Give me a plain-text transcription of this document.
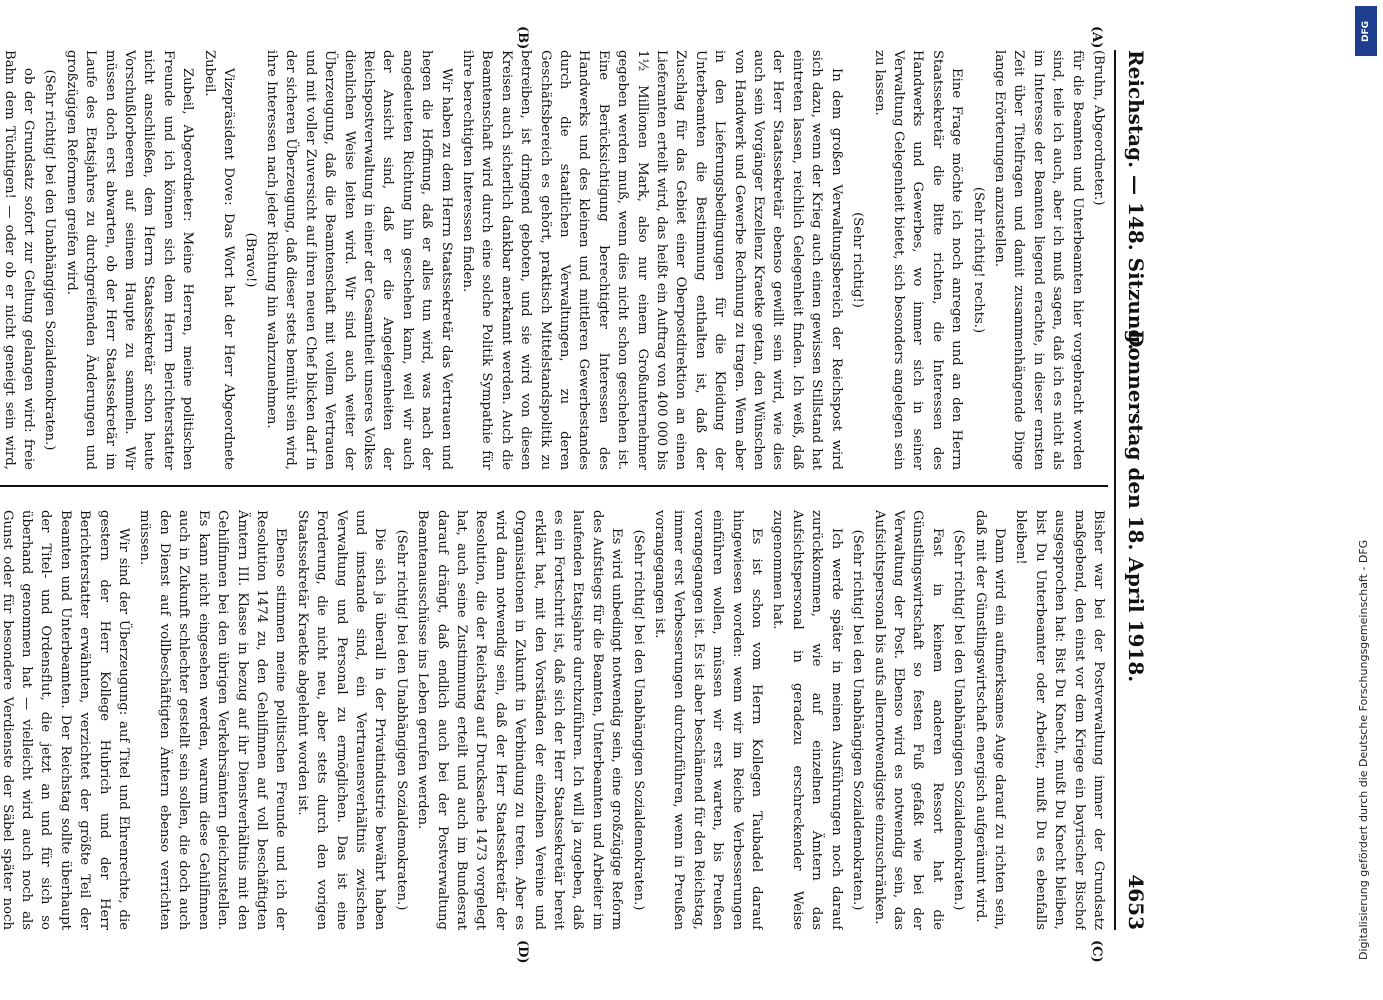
Reichstag. — 148. Sitzung.
Donnerstag den 18. April 1918.
4653

(Bruhn, Abgeordneter.)

für die Beamten und Unterbeamten hier vorgebracht worden sind, teile ich auch, aber ich muß sagen, daß ich es nicht als im Interesse der Beamten liegend erachte, in dieser ernsten Zeit über Titelfragen und damit zusammenhängende Dinge lange Erörterungen anzustellen.

(Sehr richtig! rechts.)

Eine Frage möchte ich noch anregen und an den Herrn Staatssekretär die Bitte richten, die Interessen des Handwerks und Gewerbes, wo immer sich in seiner Verwaltung Gelegenheit bietet, sich besonders angelegen sein zu lassen.

(Sehr richtig!)

In dem großen Verwaltungsbereich der Reichspost wird sich dazu, wenn der Krieg auch einen gewissen Stillstand hat eintreten lassen, reichlich Gelegenheit finden. Ich weiß, daß der Herr Staatssekretär ebenso gewillt sein wird, wie dies auch sein Vorgänger Exzellenz Kraetke getan, den Wünschen von Handwerk und Gewerbe Rechnung zu tragen. Wenn aber in den Lieferungsbedingungen für die Kleidung der Unterbeamten die Bestimmung enthalten ist, daß der Zuschlag für das Gebiet einer Oberpostdirektion an einen Lieferanten erteilt wird, das heißt ein Auftrag von 400 000 bis 1½ Millionen Mark, also nur einem Großunternehmer gegeben werden muß, wenn dies nicht schon geschehen ist. Eine Berücksichtigung berechtigter Interessen des Handwerks und des kleinen und mittleren Gewerbestandes durch die staatlichen Verwaltungen, zu deren Geschäftsbereich es gehört, praktisch Mittelstandspolitik zu betreiben, ist dringend geboten, und sie wird von diesen Kreisen auch sicherlich dankbar anerkannt werden. Auch die Beamtenschaft wird durch eine solche Politik Sympathie für ihre berechtigten Interessen finden.

Wir haben zu dem Herrn Staatssekretär das Vertrauen und hegen die Hoffnung, daß er alles tun wird, was nach der angedeuteten Richtung hin geschehen kann, weil wir auch der Ansicht sind, daß er die Angelegenheiten der Reichspostverwaltung in einer der Gesamtheit unseres Volkes dienlichen Weise leiten wird. Wir sind auch weiter der Überzeugung, daß die Beamtenschaft mit vollem Vertrauen und mit voller Zuversicht auf ihren neuen Chef blicken darf in der sicheren Überzeugung, daß dieser stets bemüht sein wird, ihre Interessen nach jeder Richtung hin wahrzunehmen.

(Bravo!)

Vizepräsident Dove: Das Wort hat der Herr Abgeordnete Zubeil.

Zubeil, Abgeordneter: Meine Herren, meine politischen Freunde und ich können sich dem Herrn Berichterstatter nicht anschließen, dem Herrn Staatssekretär schon heute Vorschußlorbeeren auf seinem Haupte zu sammeln. Wir müssen doch erst abwarten, ob der Herr Staatssekretär im Laufe des Etatsjahres zu durchgreifenden Änderungen und großzügigen Reformen greifen wird.

(Sehr richtig! bei den Unabhängigen Sozialdemokraten.)

ob der Grundsatz sofort zur Geltung gelangen wird: freie Bahn dem Tüchtigen! — oder ob er nicht geneigt sein wird,

Bisher war bei der Postverwaltung immer der Grundsatz maßgebend, den einst vor dem Kriege ein bayrischer Bischof ausgesprochen hat: Bist Du Knecht, mußt Du Knecht bleiben, bist Du Unterbeamter oder Arbeiter, mußt Du es ebenfalls bleiben!

Dann wird ein aufmerksames Auge darauf zu richten sein, daß mit der Günstlingswirtschaft energisch aufgeräumt wird.

(Sehr richtig! bei den Unabhängigen Sozialdemokraten.)

Fast in keinem anderen Ressort hat die Günstlingswirtschaft so festen Fuß gefaßt wie bei der Verwaltung der Post. Ebenso wird es notwendig sein, das Aufsichtspersonal bis aufs allernotwendigste einzuschränken.

(Sehr richtig! bei den Unabhängigen Sozialdemokraten.)

Ich werde später in meinen Ausführungen noch darauf zurückkommen, wie auf einzelnen Ämtern das Aufsichtspersonal in geradezu erschreckender Weise zugenommen hat.

Es ist schon vom Herrn Kollegen Taubadel darauf hingewiesen worden: wenn wir im Reiche Verbesserungen einführen wollen, müssen wir erst warten, bis Preußen vorangegangen ist. Es ist aber beschämend für den Reichstag, immer erst Verbesserungen durchzuführen, wenn in Preußen vorangegangen ist.

(Sehr richtig! bei den Unabhängigen Sozialdemokraten.)

Es wird unbedingt notwendig sein, eine großzügige Reform des Aufstiegs für die Beamten, Unterbeamten und Arbeiter im laufenden Etatsjahre durchzuführen. Ich will ja zugeben, daß es ein Fortschritt ist, daß sich der Herr Staatssekretär bereit erklärt hat, mit den Vorständen der einzelnen Vereine und Organisationen in Zukunft in Verbindung zu treten. Aber es wird dann notwendig sein, daß der Herr Staatssekretär der Resolution, die der Reichstag auf Drucksache 1473 vorgelegt hat, auch seine Zustimmung erteilt und auch im Bundesrat darauf drängt, daß endlich auch bei der Postverwaltung Beamtenausschüsse ins Leben gerufen werden.

(Sehr richtig! bei den Unabhängigen Sozialdemokraten.)

Die sich ja überall in der Privatindustrie bewährt haben und imstande sind, ein Vertrauensverhältnis zwischen Verwaltung und Personal zu ermöglichen. Das ist eine Forderung, die nicht neu, aber stets durch den vorigen Staatssekretär Kraetke abgelehnt worden ist.

Ebenso stimmen meine politischen Freunde und ich der Resolution 1474 zu, den Gehilfinnen auf voll beschäftigten Ämtern III. Klasse in bezug auf ihr Dienstverhältnis mit den Gehilfinnen bei den übrigen Verkehrsämtern gleichzustellen. Es kann nicht eingesehen werden, warum diese Gehilfinnen auch in Zukunft schlechter gestellt sein sollen, die doch auch den Dienst auf vollbeschäftigten Ämtern ebenso verrichten müssen.

Wir sind der Überzeugung: auf Titel und Ehrenrechte, die gestern der Herr Kollege Hubrich und der Herr Berichterstatter erwähnten, verzichtet der größte Teil der Beamten und Unterbeamten. Der Reichstag sollte überhaupt der Titel- und Ordensflut, die jetzt an und für sich so überhand genommen hat — vielleicht wird auch noch als Gunst oder für besondere Verdienste der Säbel später noch

(A)
(B)
(C)
(D)
DFG
Digitalisierung gefördert durch die Deutsche Forschungsgemeinschaft - DFG
